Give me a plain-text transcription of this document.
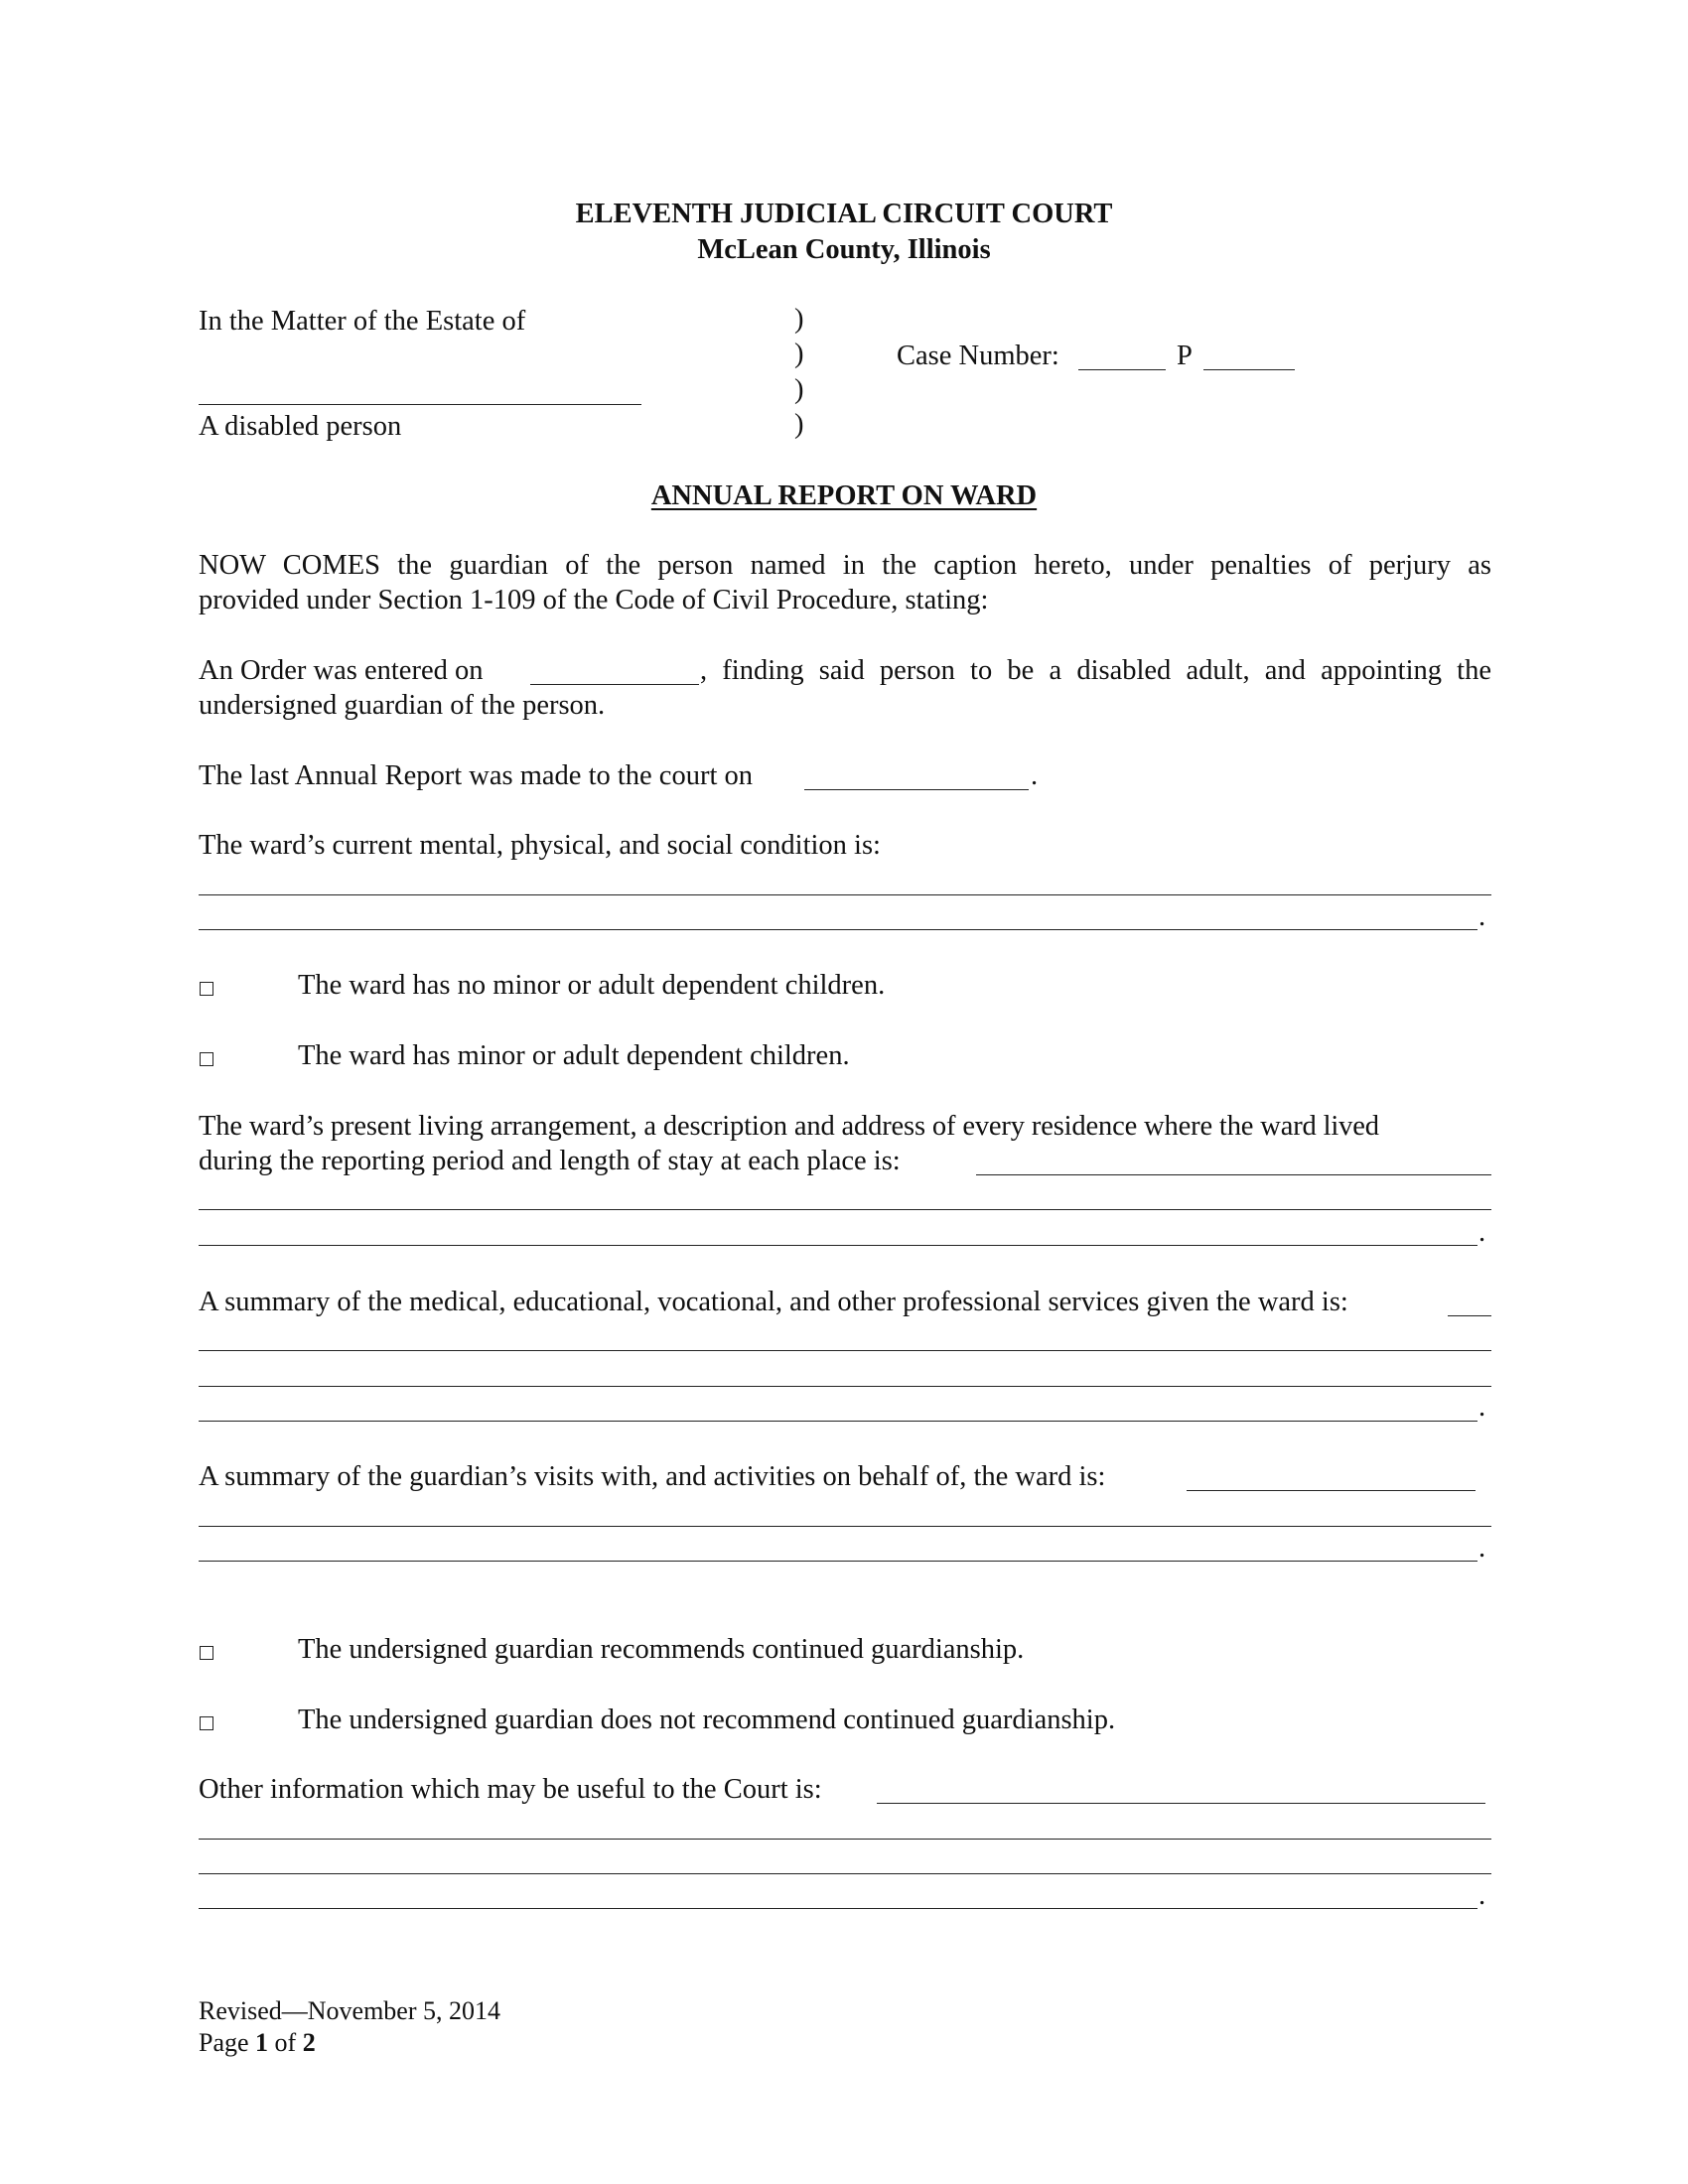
ELEVENTH JUDICIAL CIRCUIT COURT
McLean County, Illinois
In the Matter of the Estate of
A disabled person
)
)
)
)
Case Number:	P
ANNUAL REPORT ON WARD
NOW COMES the guardian of the person named in the caption hereto, under penalties of perjury as
provided under Section 1-109 of the Code of Civil Procedure, stating:
An Order was entered on	, finding said person to be a disabled adult, and appointing the
undersigned guardian of the person.
The last Annual Report was made to the court on	.
The ward’s current mental, physical, and social condition is:
.
The ward has no minor or adult dependent children.
The ward has minor or adult dependent children.
The ward’s present living arrangement, a description and address of every residence where the ward lived
during the reporting period and length of stay at each place is:
.
A summary of the medical, educational, vocational, and other professional services given the ward is:
.
A summary of the guardian’s visits with, and activities on behalf of, the ward is:
.
The undersigned guardian recommends continued guardianship.
The undersigned guardian does not recommend continued guardianship.
Other information which may be useful to the Court is:
.
Revised—November 5, 2014
Page 1 of 2
